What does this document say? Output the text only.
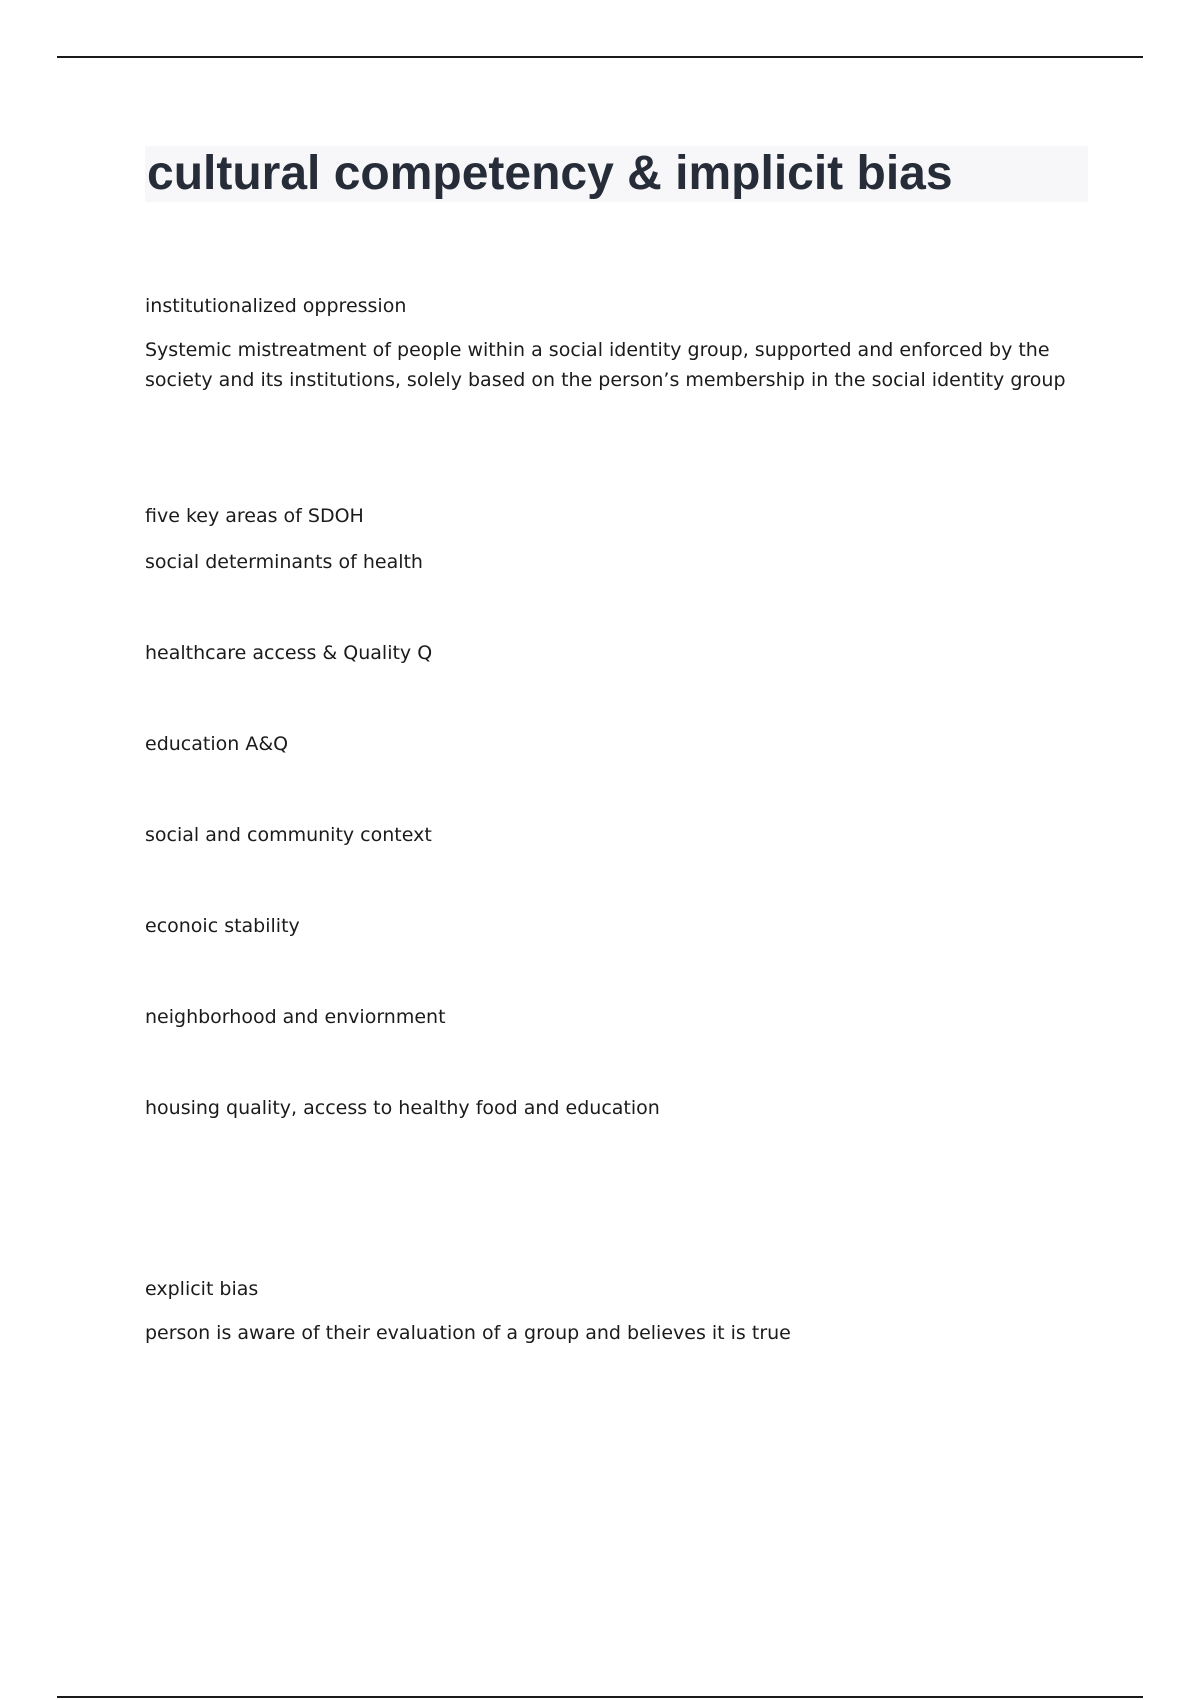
cultural competency & implicit bias

institutionalized oppression

Systemic mistreatment of people within a social identity group, supported and enforced by the society and its institutions, solely based on the person’s membership in the social identity group

five key areas of SDOH

social determinants of health

healthcare access & Quality Q

education A&Q

social and community context

econoic stability

neighborhood and enviornment

housing quality, access to healthy food and education

explicit bias

person is aware of their evaluation of a group and believes it is true
